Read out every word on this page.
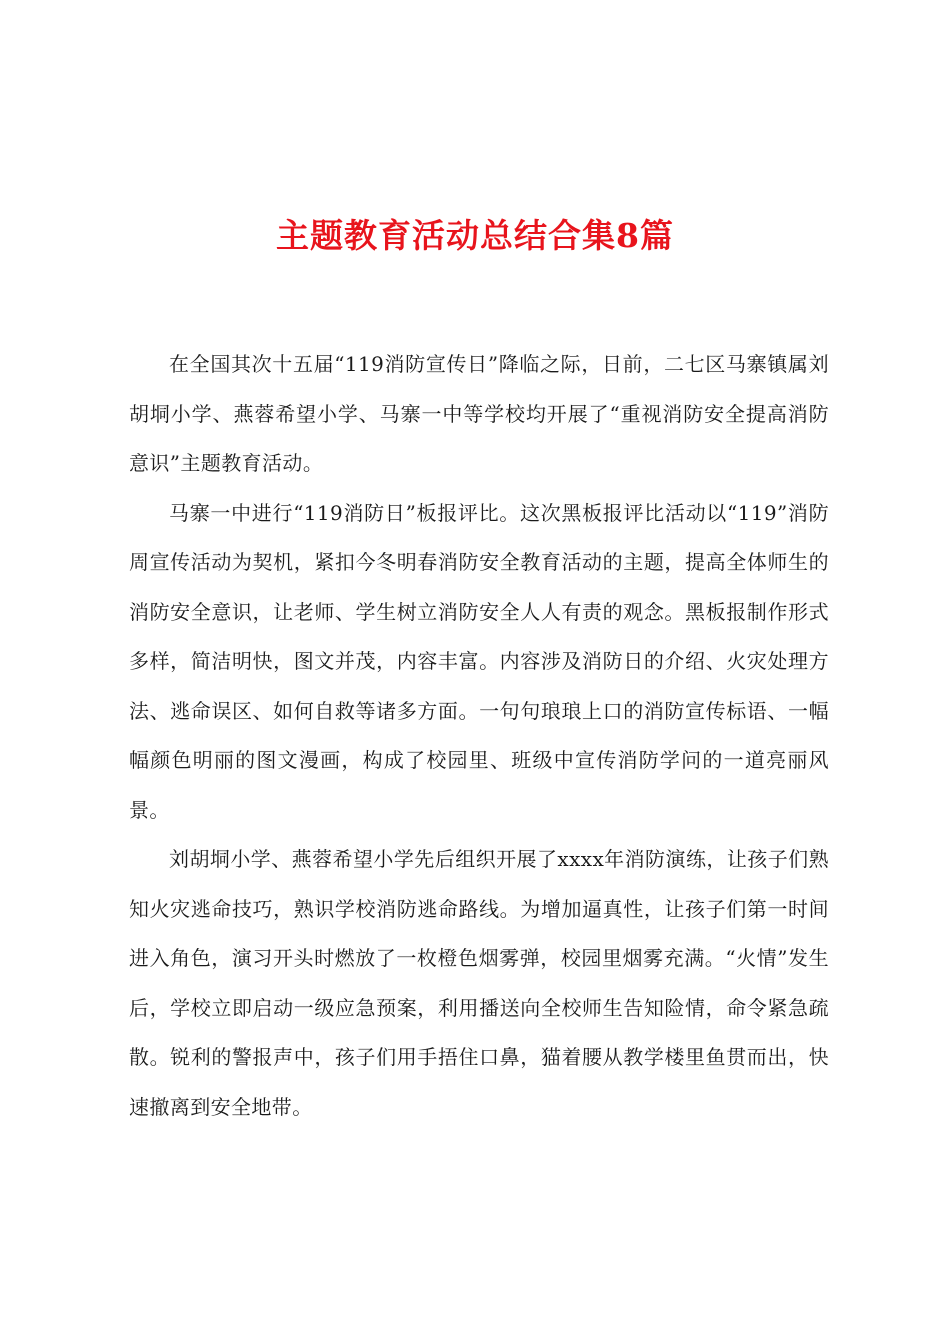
主题教育活动总结合集8篇

在全国其次十五届“119消防宣传日”降临之际，日前，二七区马寨镇属刘胡垌小学、燕蓉希望小学、马寨一中等学校均开展了“重视消防安全提高消防意识”主题教育活动。

马寨一中进行“119消防日”板报评比。这次黑板报评比活动以“119”消防周宣传活动为契机，紧扣今冬明春消防安全教育活动的主题，提高全体师生的消防安全意识，让老师、学生树立消防安全人人有责的观念。黑板报制作形式多样，简洁明快，图文并茂，内容丰富。内容涉及消防日的介绍、火灾处理方法、逃命误区、如何自救等诸多方面。一句句琅琅上口的消防宣传标语、一幅幅颜色明丽的图文漫画，构成了校园里、班级中宣传消防学问的一道亮丽风景。

刘胡垌小学、燕蓉希望小学先后组织开展了xxxx年消防演练，让孩子们熟知火灾逃命技巧，熟识学校消防逃命路线。为增加逼真性，让孩子们第一时间进入角色，演习开头时燃放了一枚橙色烟雾弹，校园里烟雾充满。“火情”发生后，学校立即启动一级应急预案，利用播送向全校师生告知险情，命令紧急疏散。锐利的警报声中，孩子们用手捂住口鼻，猫着腰从教学楼里鱼贯而出，快速撤离到安全地带。
